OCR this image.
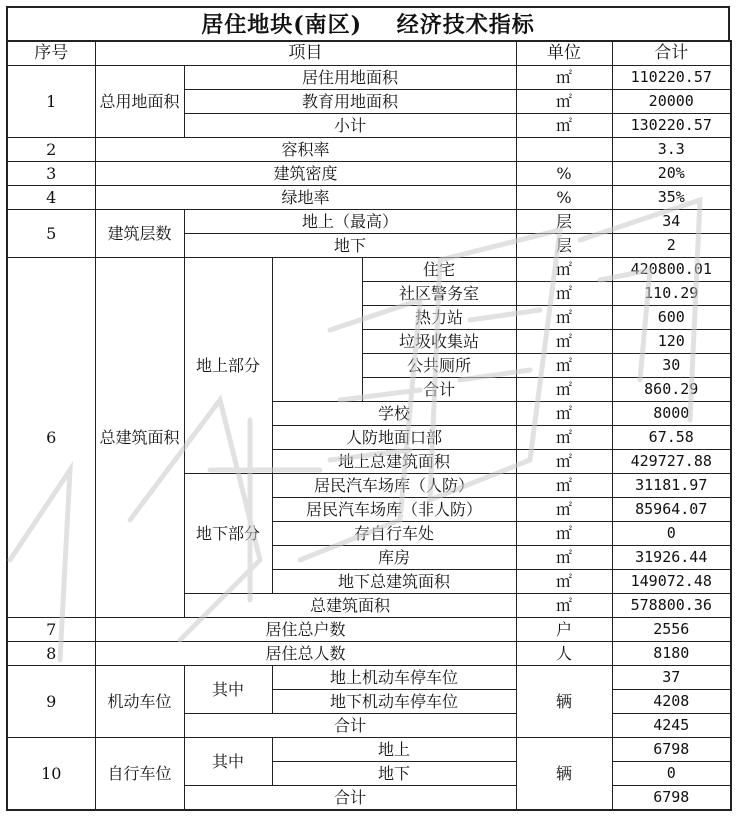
居住地块(南区)    经济技术指标
序号	项目				单位	合计
1	总用地面积	居住用地面积			㎡	110220.57
		教育用地面积			㎡	20000
		小计			㎡	130220.57
2	容积率					3.3
3	建筑密度				%	20%
4	绿地率				%	35%
5	建筑层数	地上（最高）			层	34
		地下			层	2
6	总建筑面积	地上部分		住宅	㎡	420800.01
				社区警务室	㎡	110.29
				热力站	㎡	600
				垃圾收集站	㎡	120
				公共厕所	㎡	30
				合计	㎡	860.29
			学校		㎡	8000
			人防地面口部		㎡	67.58
			地上总建筑面积		㎡	429727.88
		地下部分	居民汽车场库（人防）		㎡	31181.97
			居民汽车场库（非人防）		㎡	85964.07
			存自行车处		㎡	0
			库房		㎡	31926.44
			地下总建筑面积		㎡	149072.48
		总建筑面积			㎡	578800.36
7	居住总户数				户	2556
8	居住总人数				人	8180
9	机动车位	其中	地上机动车停车位		辆	37
			地下机动车停车位			4208
		合计				4245
10	自行车位	其中	地上		辆	6798
			地下			0
		合计				6798
